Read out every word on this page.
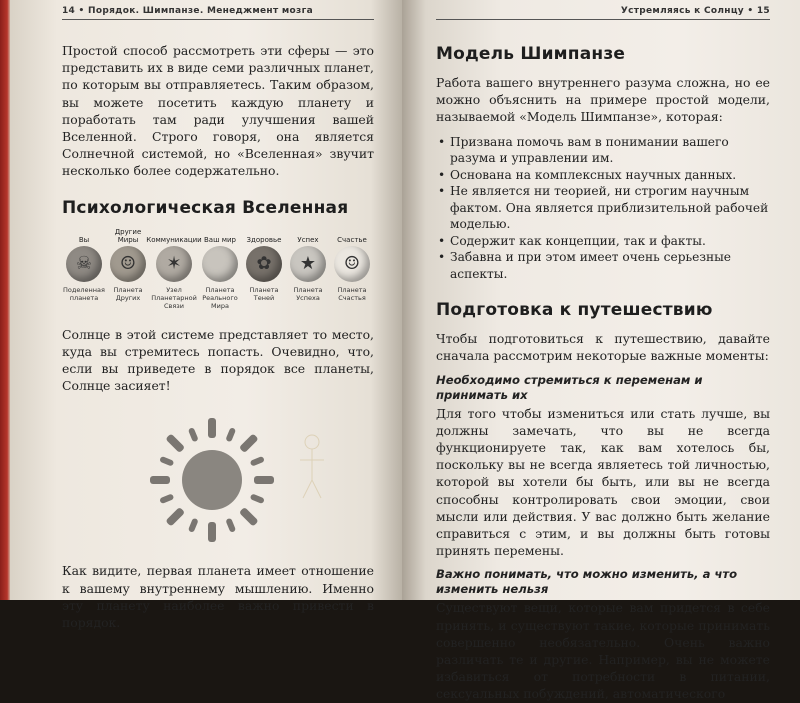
14 • Порядок. Шимпанзе. Менеджмент мозга

Простой способ рассмотреть эти сферы — это представить их в виде семи различных планет, по которым вы отправляетесь. Таким образом, вы можете посетить каждую планету и поработать там ради улучшения вашей Вселенной. Строго говоря, она является Солнечной системой, но «Вселенная» звучит несколько более содержательно.

Психологическая Вселенная
Вы
☠
Поделенная планета
Другие Миры
☺
Планета Других
Коммуникации
✶
Узел Планетарной Связи
Ваш мир
Планета Реального Мира
Здоровье
✿
Планета Теней
Успех
★
Планета Успеха
Счастье
☺
Планета Счастья

Солнце в этой системе представляет то место, куда вы стремитесь попасть. Очевидно, что, если вы приведете в порядок все планеты, Солнце засияет!

Как видите, первая планета имеет отношение к вашему внутреннему мышлению. Именно эту планету наиболее важно привести в порядок.

Устремляясь к Солнцу • 15
Модель Шимпанзе

Работа вашего внутреннего разума сложна, но ее можно объяснить на примере простой модели, называемой «Модель Шимпанзе», которая:

• Призвана помочь вам в понимании вашего разума и управлении им.
• Основана на комплексных научных данных.
• Не является ни теорией, ни строгим научным фактом. Она является приблизительной рабочей моделью.
• Содержит как концепции, так и факты.
• Забавна и при этом имеет очень серьезные аспекты.
Подготовка к путешествию

Чтобы подготовиться к путешествию, давайте сначала рассмотрим некоторые важные моменты:

Необходимо стремиться к переменам и принимать их

Для того чтобы измениться или стать лучше, вы должны замечать, что вы не всегда функционируете так, как вам хотелось бы, поскольку вы не всегда являетесь той личностью, которой вы хотели бы быть, или вы не всегда способны контролировать свои эмоции, свои мысли или действия. У вас должно быть желание справиться с этим, и вы должны быть готовы принять перемены.

Важно понимать, что можно изменить, а что изменить нельзя

Существуют вещи, которые вам придется в себе принять, и существуют такие, которые принимать совершенно необязательно. Очень важно различать те и другие. Например, вы не можете избавиться от потребности в питании, сексуальных побуждений, автоматического
